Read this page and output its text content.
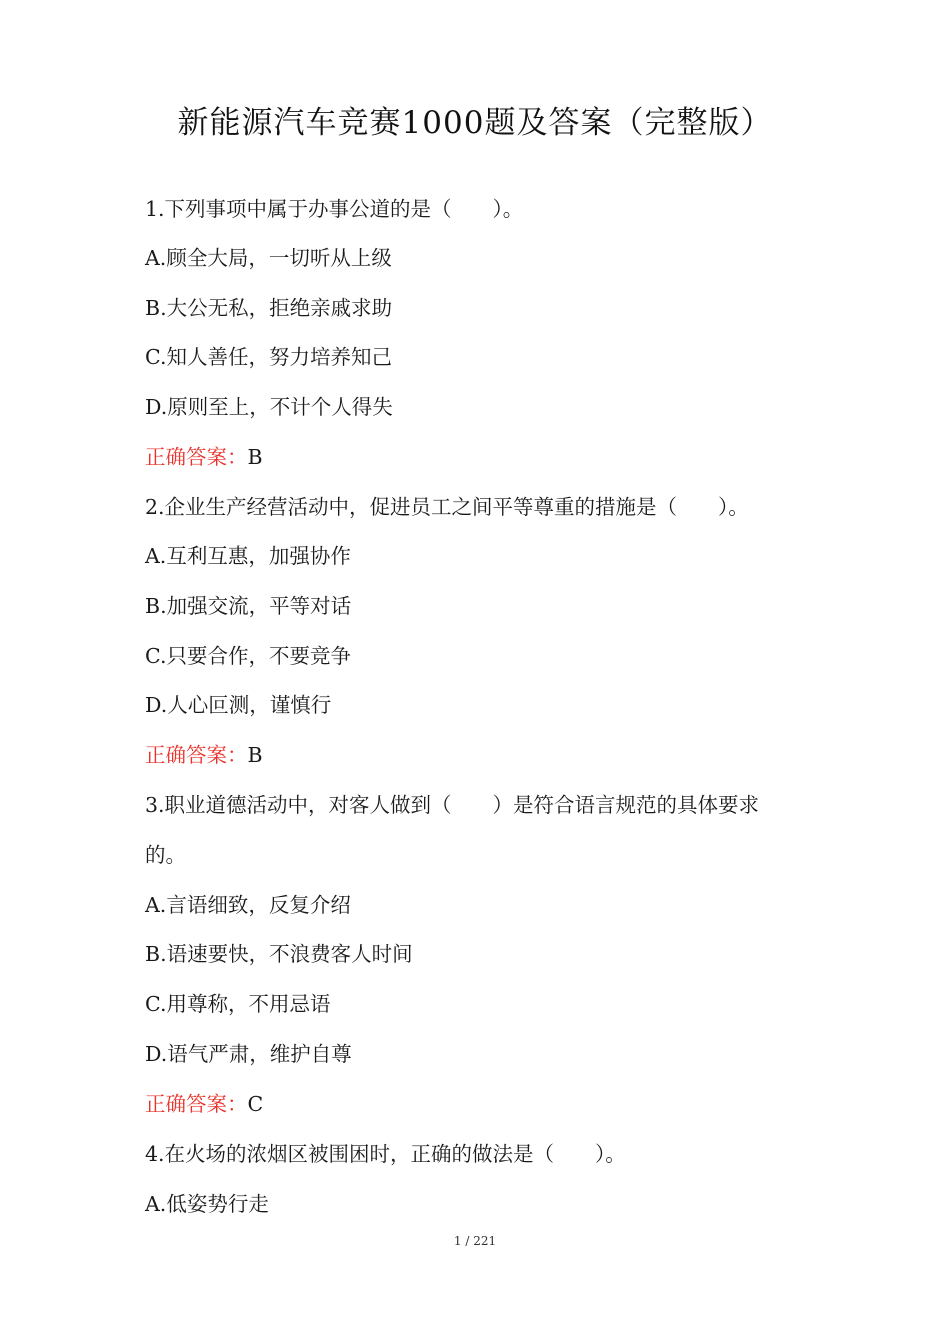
新能源汽车竞赛1000题及答案（完整版）
1.下列事项中属于办事公道的是（　　）。
A.顾全大局，一切听从上级
B.大公无私，拒绝亲戚求助
C.知人善任，努力培养知己
D.原则至上，不计个人得失
正确答案：B
2.企业生产经营活动中，促进员工之间平等尊重的措施是（　　）。
A.互利互惠，加强协作
B.加强交流，平等对话
C.只要合作，不要竞争
D.人心叵测，谨慎行
正确答案：B
3.职业道德活动中，对客人做到（　　）是符合语言规范的具体要求
的。
A.言语细致，反复介绍
B.语速要快，不浪费客人时间
C.用尊称，不用忌语
D.语气严肃，维护自尊
正确答案：C
4.在火场的浓烟区被围困时，正确的做法是（　　）。
A.低姿势行走
1 / 221
